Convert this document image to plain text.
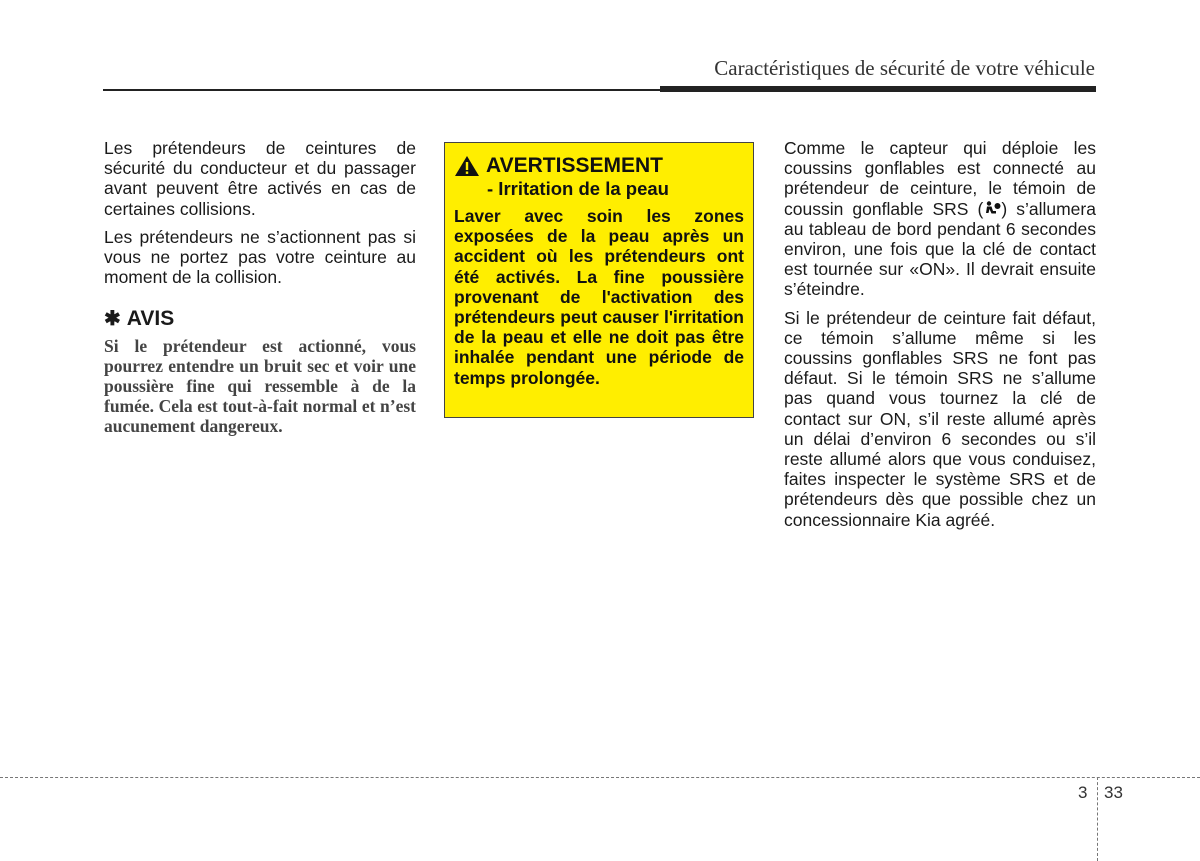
Caractéristiques de sécurité de votre véhicule

Les prétendeurs de ceintures de sécurité du conducteur et du passager avant peuvent être activés en cas de certaines collisions.

Les prétendeurs ne s’actionnent pas si vous ne portez pas votre ceinture au moment de la collision.

✱ AVIS

Si le prétendeur est actionné, vous pourrez entendre un bruit sec et voir une poussière fine qui ressemble à de la fumée. Cela est tout-à-fait normal et n’est aucunement dangereux.

AVERTISSEMENT
- Irritation de la peau

Laver avec soin les zones exposées de la peau après un accident où les prétendeurs ont été activés. La fine poussière provenant de l'activation des prétendeurs peut causer l'irritation de la peau et elle ne doit pas être inhalée pendant une période de temps prolongée.

Comme le capteur qui déploie les coussins gonflables est connecté au prétendeur de ceinture, le témoin de coussin gonflable SRS ( ) s’allumera au tableau de bord pendant 6 secondes environ, une fois que la clé de contact est tournée sur «ON». Il devrait ensuite s’éteindre.

Si le prétendeur de ceinture fait défaut, ce témoin s’allume même si les coussins gonflables SRS ne font pas défaut. Si le témoin SRS ne s’allume pas quand vous tournez la clé de contact sur ON, s’il reste allumé après un délai d’environ 6 secondes ou s’il reste allumé alors que vous conduisez, faites inspecter le système SRS et de prétendeurs dès que possible chez un concessionnaire Kia agréé.

3 33
